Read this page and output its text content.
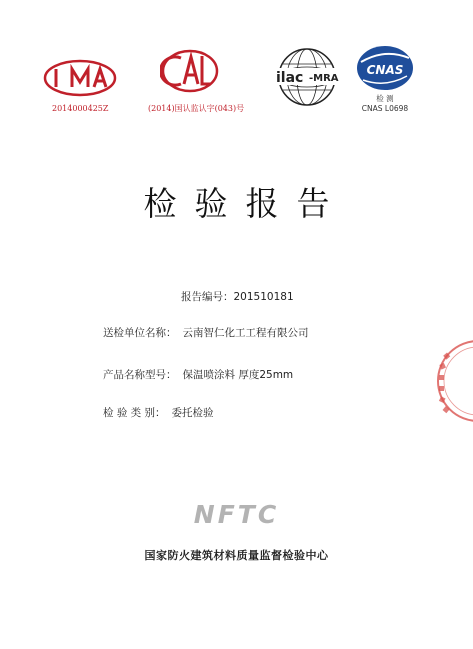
2014000425Z	(2014)国认监认字(043)号
ilac -MRA
CNAS
检 测
CNAS L0698
检验报告
报告编号：201510181
送检单位名称： 云南智仁化工工程有限公司
产品名称型号： 保温喷涂料 厚度25mm
检 验 类 别： 委托检验
NFTC
国家防火建筑材料质量监督检验中心
